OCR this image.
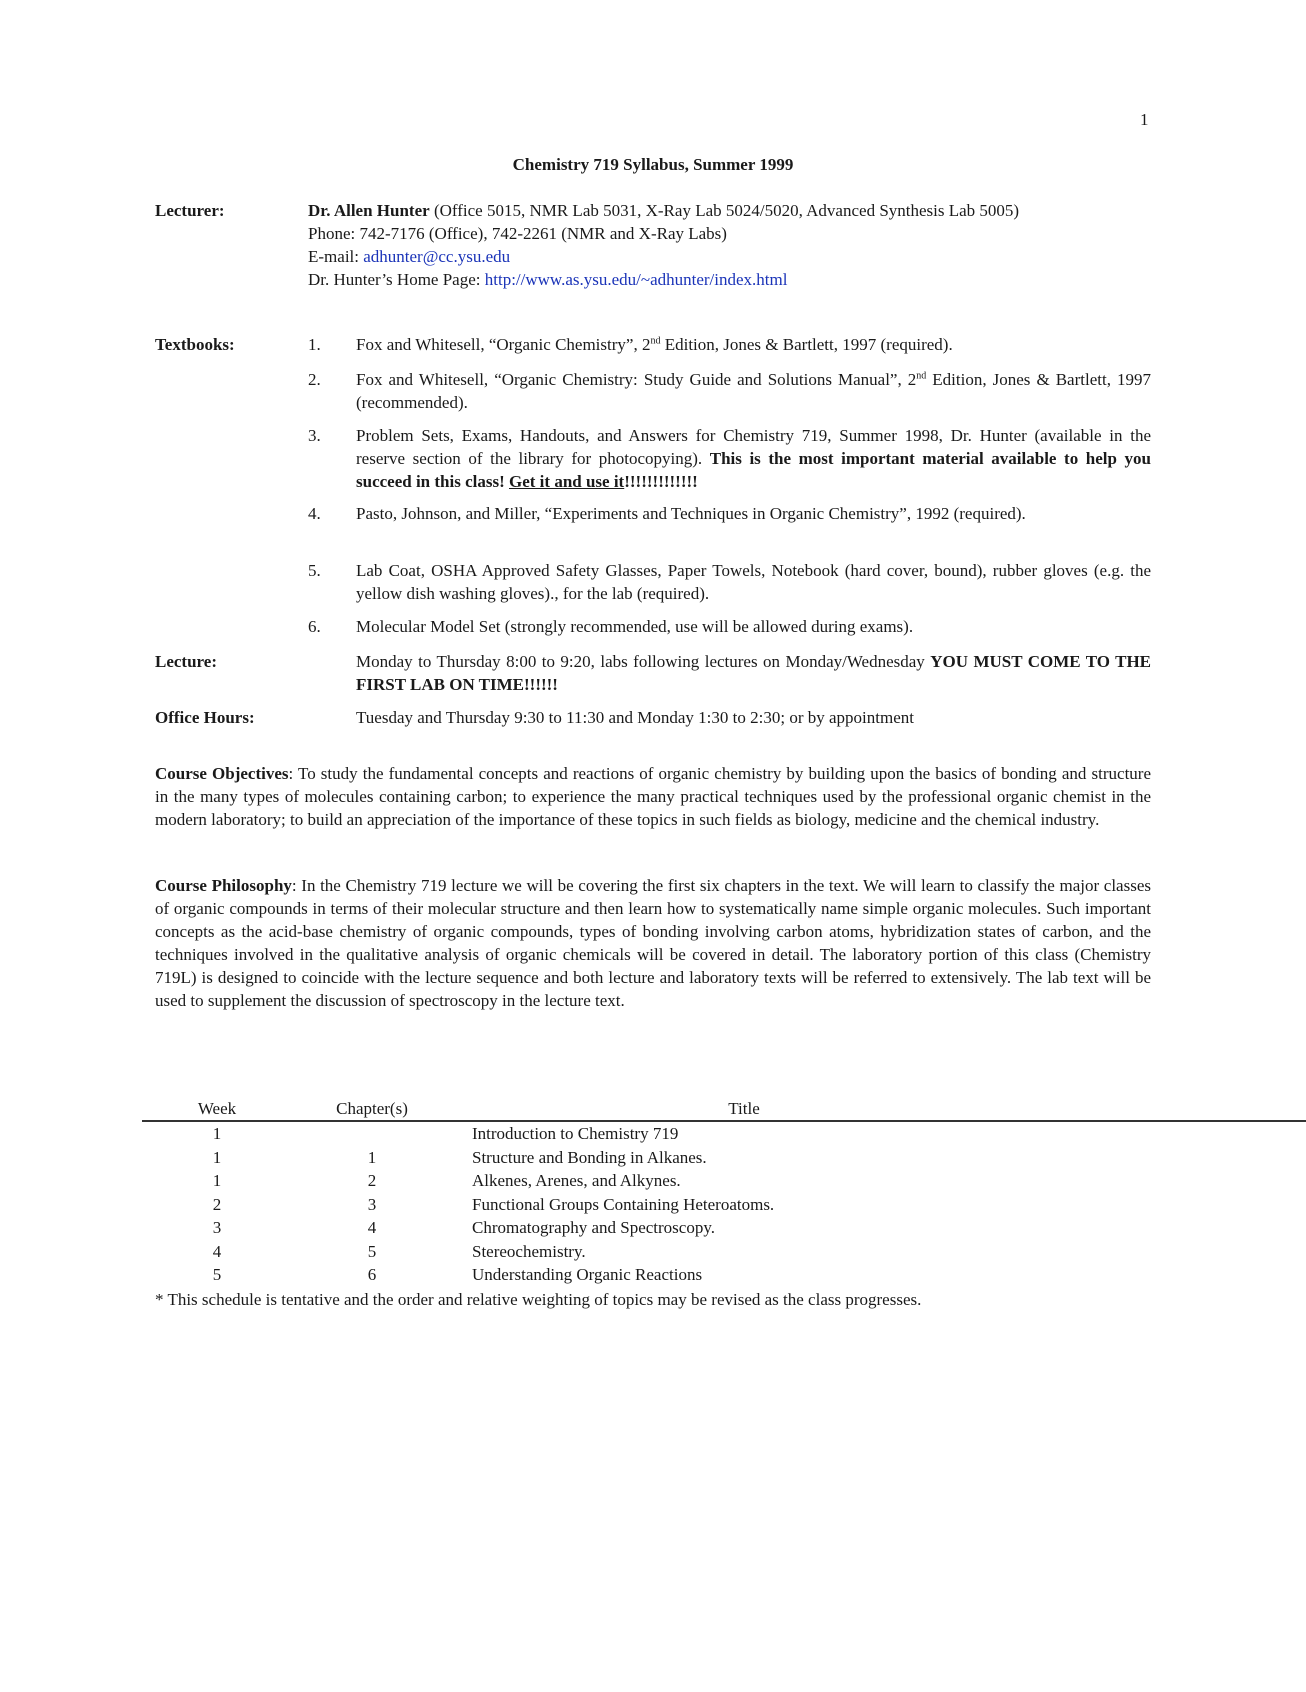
1
Chemistry 719 Syllabus, Summer 1999
Lecturer:	Dr. Allen Hunter (Office 5015, NMR Lab 5031, X-Ray Lab 5024/5020, Advanced Synthesis Lab 5005)

Phone: 742-7176 (Office), 742-2261 (NMR and X-Ray Labs)

E-mail: adhunter@cc.ysu.edu

Dr. Hunter’s Home Page: http://www.as.ysu.edu/~adhunter/index.html

Textbooks:	1.	Fox and Whitesell, “Organic Chemistry”, 2nd Edition, Jones & Bartlett, 1997 (required).
2.	Fox and Whitesell, “Organic Chemistry: Study Guide and Solutions Manual”, 2nd Edition, Jones & Bartlett, 1997 (recommended).
3.	Problem Sets, Exams, Handouts, and Answers for Chemistry 719, Summer 1998, Dr. Hunter (available in the reserve section of the library for photocopying). This is the most important material available to help you succeed in this class! Get it and use it!!!!!!!!!!!!!
4.	Pasto, Johnson, and Miller, “Experiments and Techniques in Organic Chemistry”, 1992 (required).
5.	Lab Coat, OSHA Approved Safety Glasses, Paper Towels, Notebook (hard cover, bound), rubber gloves (e.g. the yellow dish washing gloves)., for the lab (required).
6.	Molecular Model Set (strongly recommended, use will be allowed during exams).
Lecture:	Monday to Thursday 8:00 to 9:20, labs following lectures on Monday/Wednesday YOU MUST COME TO THE FIRST LAB ON TIME!!!!!!
Office Hours:	Tuesday and Thursday 9:30 to 11:30 and Monday 1:30 to 2:30; or by appointment
Course Objectives: To study the fundamental concepts and reactions of organic chemistry by building upon the basics of bonding and structure in the many types of molecules containing carbon; to experience the many practical techniques used by the professional organic chemist in the modern laboratory; to build an appreciation of the importance of these topics in such fields as biology, medicine and the chemical industry.
Course Philosophy: In the Chemistry 719 lecture we will be covering the first six chapters in the text. We will learn to classify the major classes of organic compounds in terms of their molecular structure and then learn how to systematically name simple organic molecules. Such important concepts as the acid-base chemistry of organic compounds, types of bonding involving carbon atoms, hybridization states of carbon, and the techniques involved in the qualitative analysis of organic chemicals will be covered in detail. The laboratory portion of this class (Chemistry 719L) is designed to coincide with the lecture sequence and both lecture and laboratory texts will be referred to extensively. The lab text will be used to supplement the discussion of spectroscopy in the lecture text.
Week	Chapter(s)	Title
1		Introduction to Chemistry 719
1	1	Structure and Bonding in Alkanes.
1	2	Alkenes, Arenes, and Alkynes.
2	3	Functional Groups Containing Heteroatoms.
3	4	Chromatography and Spectroscopy.
4	5	Stereochemistry.
5	6	Understanding Organic Reactions
* This schedule is tentative and the order and relative weighting of topics may be revised as the class progresses.
